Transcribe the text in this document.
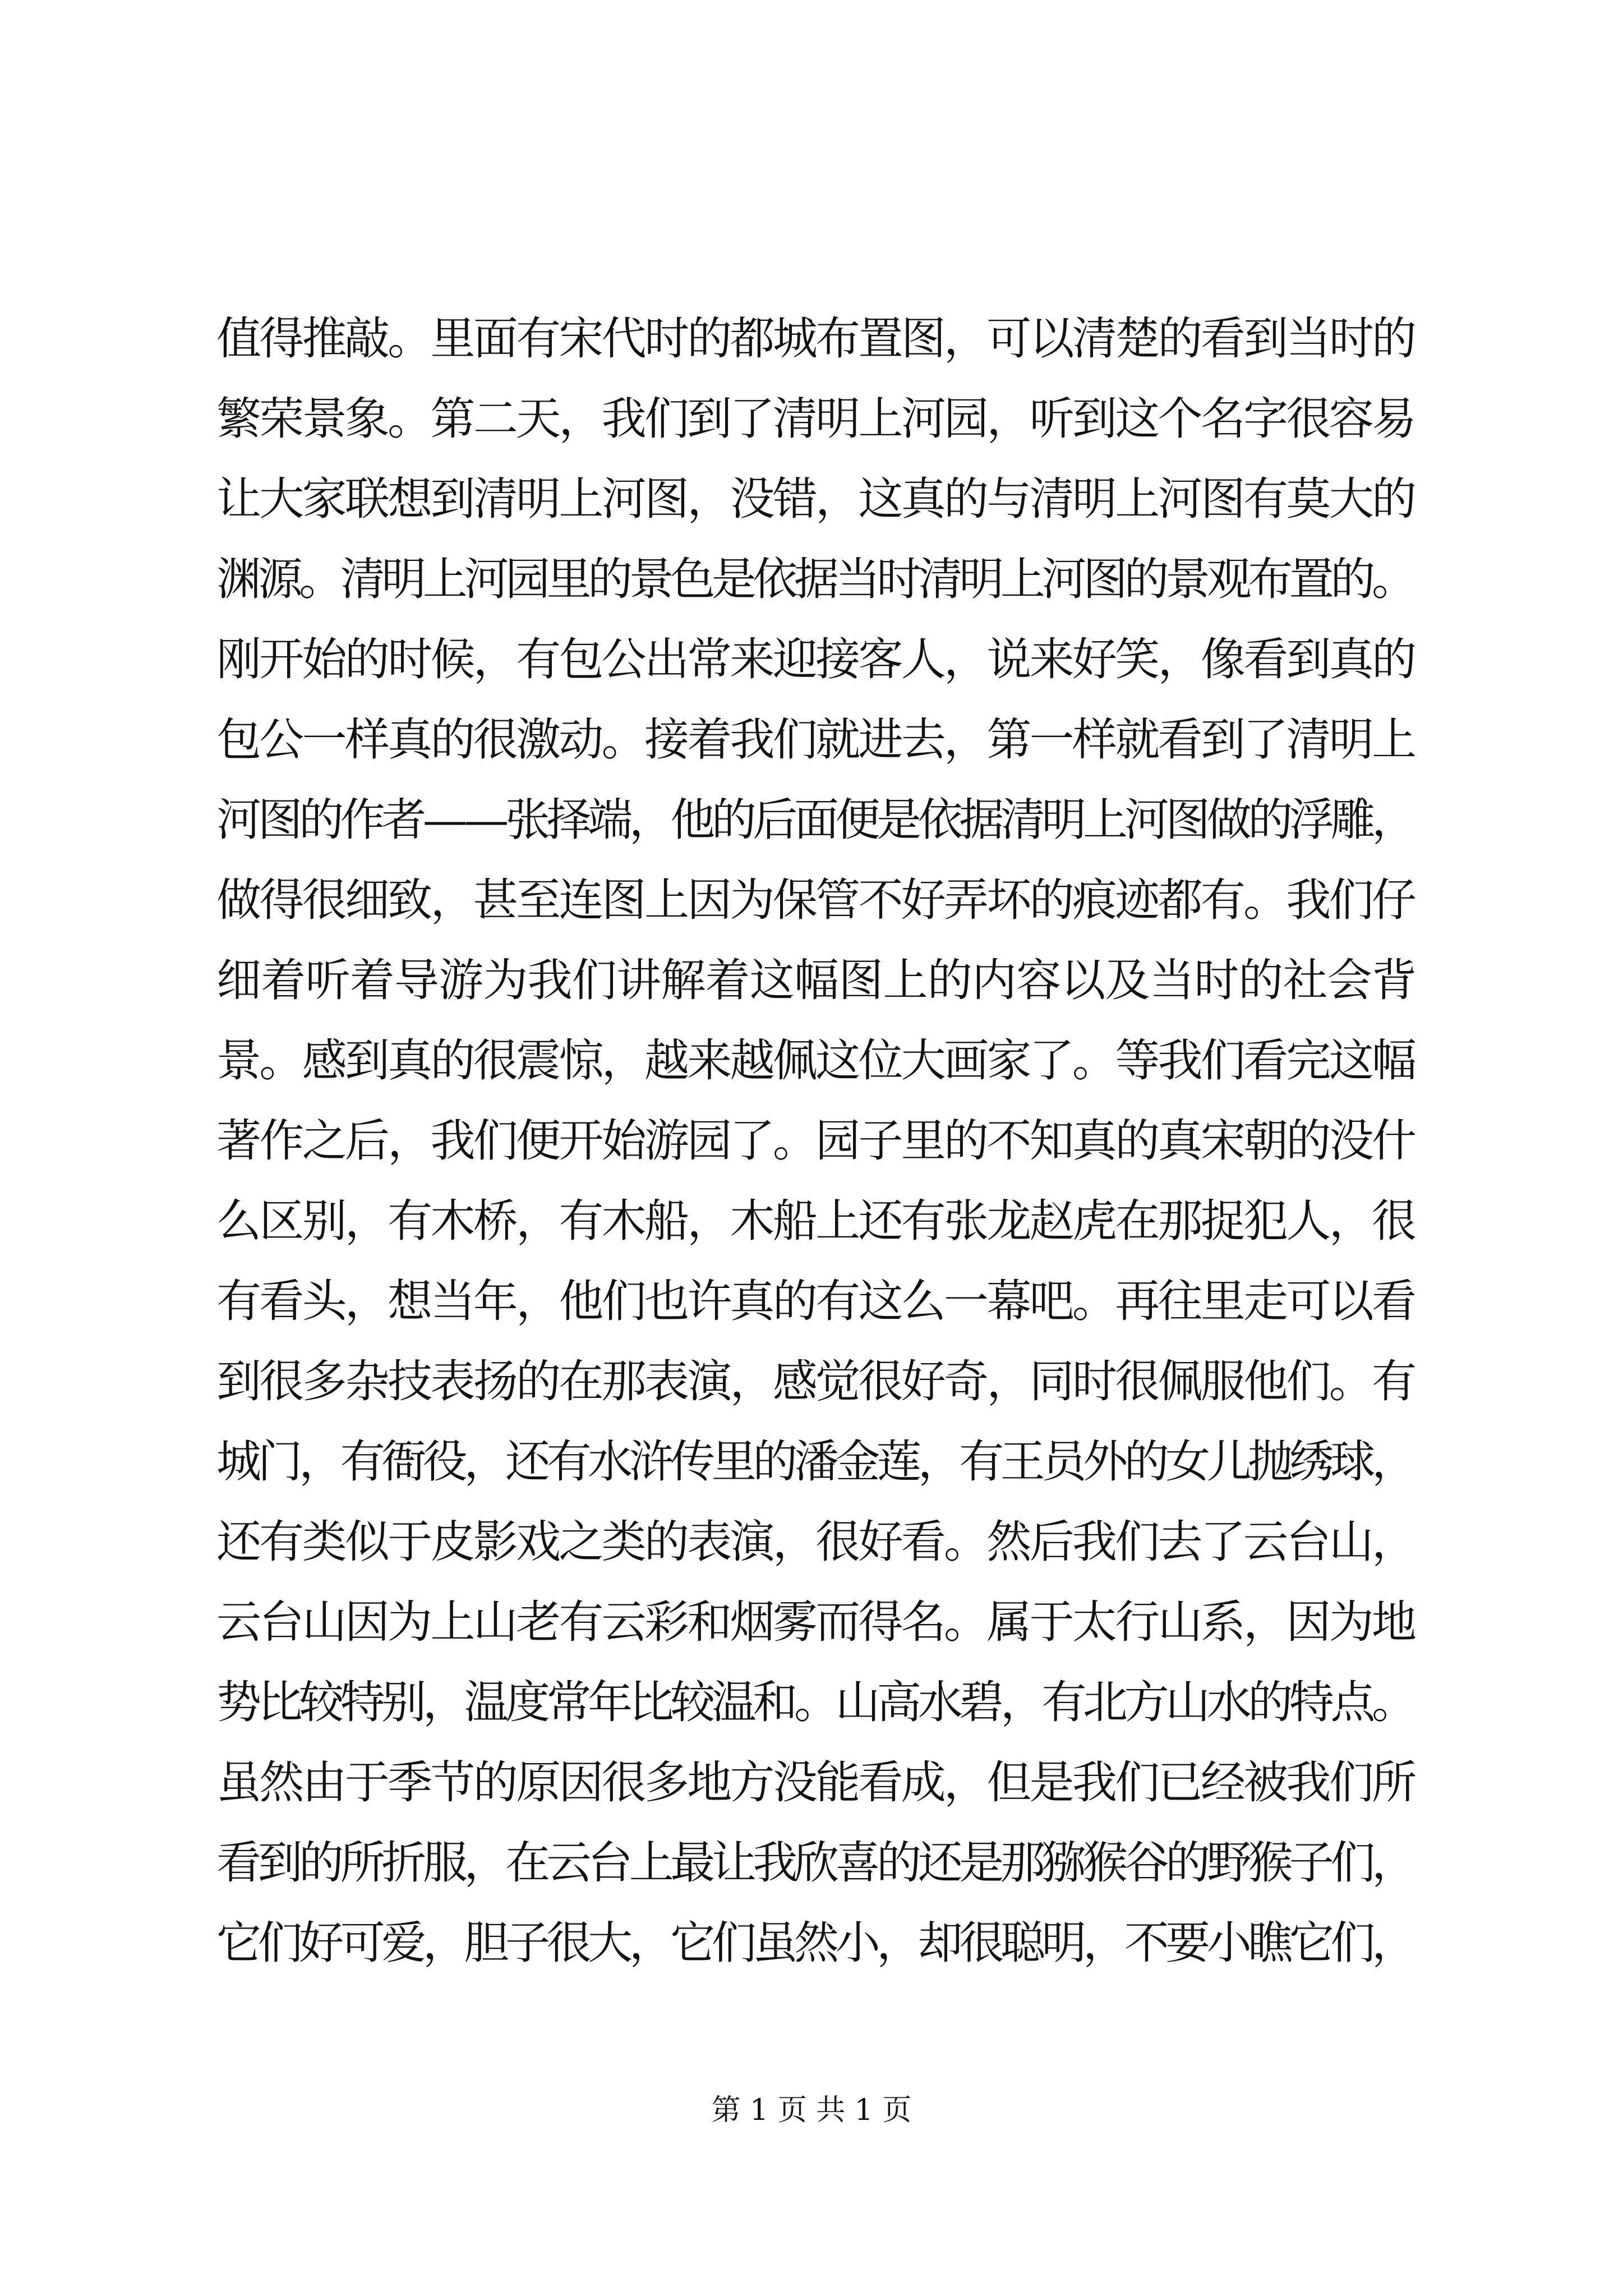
值得推敲。里面有宋代时的都城布置图，可以清楚的看到当时的
繁荣景象。第二天，我们到了清明上河园，听到这个名字很容易
让大家联想到清明上河图，没错，这真的与清明上河图有莫大的
渊源。清明上河园里的景色是依据当时清明上河图的景观布置的。
刚开始的时候，有包公出常来迎接客人，说来好笑，像看到真的
包公一样真的很激动。接着我们就进去，第一样就看到了清明上
河图的作者——张择端，他的后面便是依据清明上河图做的浮雕，
做得很细致，甚至连图上因为保管不好弄坏的痕迹都有。我们仔
细着听着导游为我们讲解着这幅图上的内容以及当时的社会背
景。感到真的很震惊，越来越佩这位大画家了。等我们看完这幅
著作之后，我们便开始游园了。园子里的不知真的真宋朝的没什
么区别，有木桥，有木船，木船上还有张龙赵虎在那捉犯人，很
有看头，想当年，他们也许真的有这么一幕吧。再往里走可以看
到很多杂技表扬的在那表演，感觉很好奇，同时很佩服他们。有
城门，有衙役，还有水浒传里的潘金莲，有王员外的女儿抛绣球，
还有类似于皮影戏之类的表演，很好看。然后我们去了云台山，
云台山因为上山老有云彩和烟雾而得名。属于太行山系，因为地
势比较特别，温度常年比较温和。山高水碧，有北方山水的特点。
虽然由于季节的原因很多地方没能看成，但是我们已经被我们所
看到的所折服，在云台上最让我欣喜的还是那猕猴谷的野猴子们，
它们好可爱，胆子很大，它们虽然小，却很聪明，不要小瞧它们，
第 1 页 共 1 页
